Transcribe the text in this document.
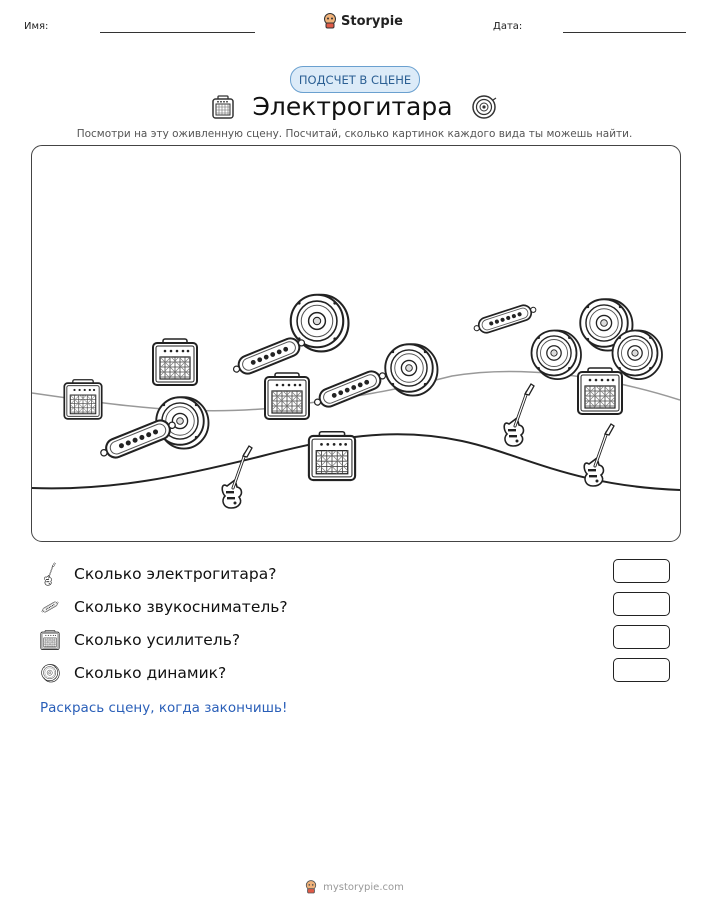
Имя:	Storypie	Дата:
ПОДСЧЕТ В СЦЕНЕ
Электрогитара
Посмотри на эту оживленную сцену. Посчитай, сколько картинок каждого вида ты можешь найти.
Сколько электрогитара?
Сколько звукосниматель?
Сколько усилитель?
Сколько динамик?
Раскрась сцену, когда закончишь!
mystorypie.com
